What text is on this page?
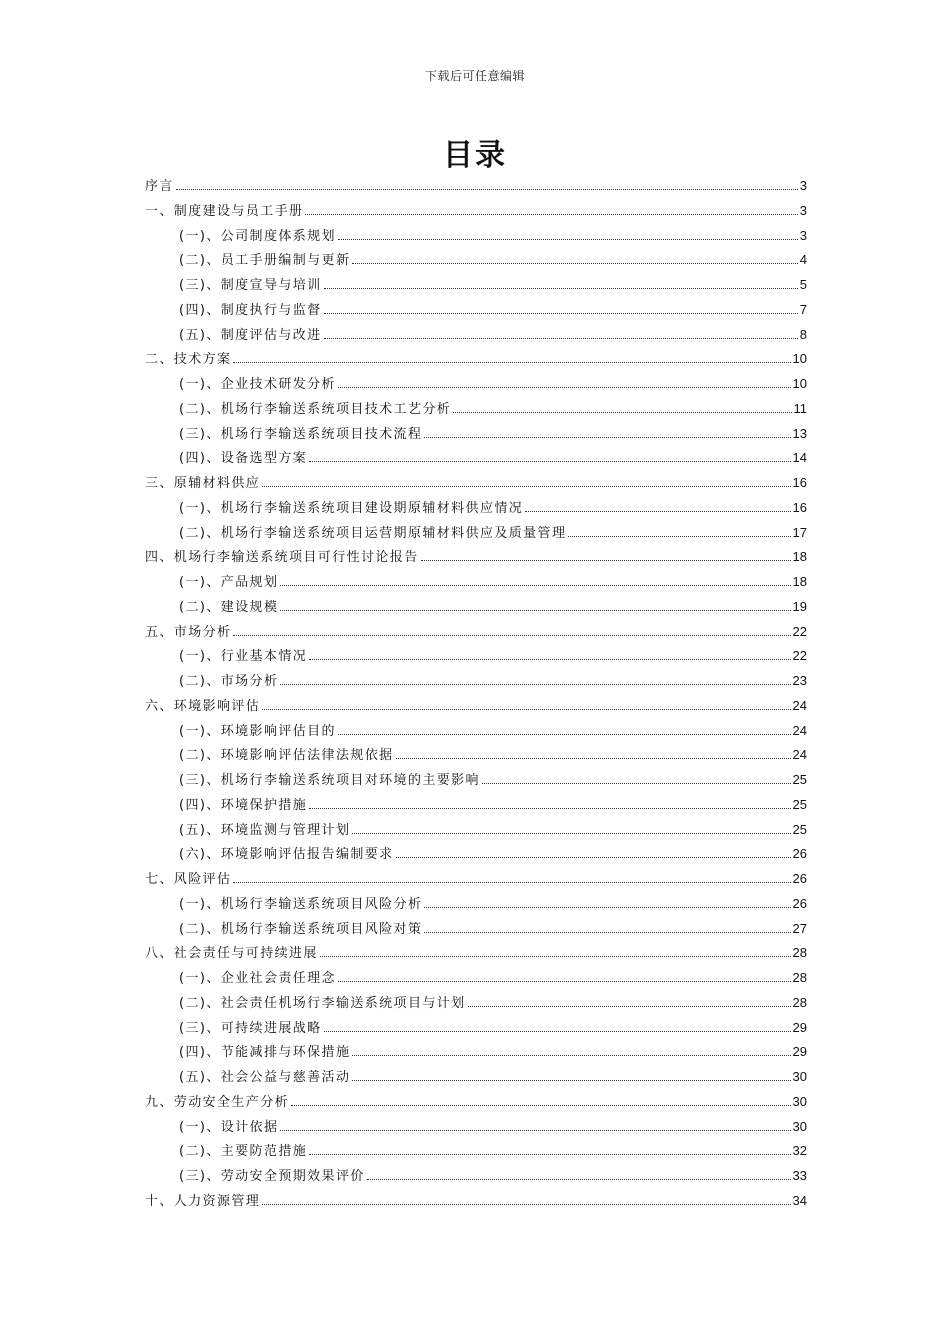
下载后可任意编辑
目录
序言	3
一、制度建设与员工手册	3
(一)、公司制度体系规划	3
(二)、员工手册编制与更新	4
(三)、制度宣导与培训	5
(四)、制度执行与监督	7
(五)、制度评估与改进	8
二、技术方案	10
(一)、企业技术研发分析	10
(二)、机场行李输送系统项目技术工艺分析	11
(三)、机场行李输送系统项目技术流程	13
(四)、设备选型方案	14
三、原辅材料供应	16
(一)、机场行李输送系统项目建设期原辅材料供应情况	16
(二)、机场行李输送系统项目运营期原辅材料供应及质量管理	17
四、机场行李输送系统项目可行性讨论报告	18
(一)、产品规划	18
(二)、建设规模	19
五、市场分析	22
(一)、行业基本情况	22
(二)、市场分析	23
六、环境影响评估	24
(一)、环境影响评估目的	24
(二)、环境影响评估法律法规依据	24
(三)、机场行李输送系统项目对环境的主要影响	25
(四)、环境保护措施	25
(五)、环境监测与管理计划	25
(六)、环境影响评估报告编制要求	26
七、风险评估	26
(一)、机场行李输送系统项目风险分析	26
(二)、机场行李输送系统项目风险对策	27
八、社会责任与可持续进展	28
(一)、企业社会责任理念	28
(二)、社会责任机场行李输送系统项目与计划	28
(三)、可持续进展战略	29
(四)、节能减排与环保措施	29
(五)、社会公益与慈善活动	30
九、劳动安全生产分析	30
(一)、设计依据	30
(二)、主要防范措施	32
(三)、劳动安全预期效果评价	33
十、人力资源管理	34
